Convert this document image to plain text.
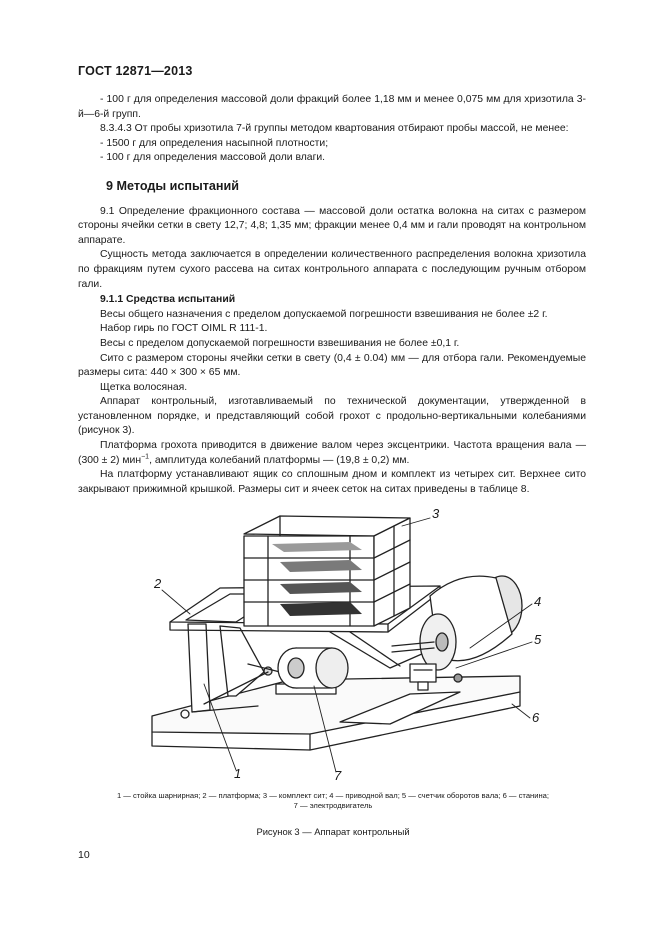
ГОСТ 12871—2013

- 100 г для определения массовой доли фракций более 1,18 мм и менее 0,075 мм для хризотила 3-й—6-й групп.

8.3.4.3 От пробы хризотила 7-й группы методом квартования отбирают пробы массой, не менее:

- 1500 г для определения насыпной плотности;

- 100 г для определения массовой доли влаги.

9 Методы испытаний

9.1 Определение фракционного состава — массовой доли остатка волокна на ситах с размером стороны ячейки сетки в свету 12,7; 4,8; 1,35 мм; фракции менее 0,4 мм и гали проводят на контрольном аппарате.

Сущность метода заключается в определении количественного распределения волокна хризотила по фракциям путем сухого рассева на ситах контрольного аппарата с последующим ручным отбором гали.

9.1.1 Средства испытаний

Весы общего назначения с пределом допускаемой погрешности взвешивания не более ±2 г.

Набор гирь по ГОСТ OIML R 111-1.

Весы с пределом допускаемой погрешности взвешивания не более ±0,1 г.

Сито с размером стороны ячейки сетки в свету (0,4 ± 0.04) мм — для отбора гали. Рекомендуемые размеры сита: 440 × 300 × 65 мм.

Щетка волосяная.

Аппарат контрольный, изготавливаемый по технической документации, утвержденной в установленном порядке, и представляющий собой грохот с продольно-вертикальными колебаниями (рисунок 3).

Платформа грохота приводится в движение валом через эксцентрики. Частота вращения вала — (300 ± 2) мин$^{-1}$, амплитуда колебаний платформы — (19,8 ± 0,2) мм.

На платформу устанавливают ящик со сплошным дном и комплект из четырех сит. Верхнее сито закрывают прижимной крышкой. Размеры сит и ячеек сеток на ситах приведены в таблице 8.

2
3
4
5
6
1	7
1 — стойка шарнирная; 2 — платформа; 3 — комплект сит; 4 — приводной вал; 5 — счетчик оборотов вала; 6 — станина;
7 — электродвигатель
Рисунок 3 — Аппарат контрольный
10
